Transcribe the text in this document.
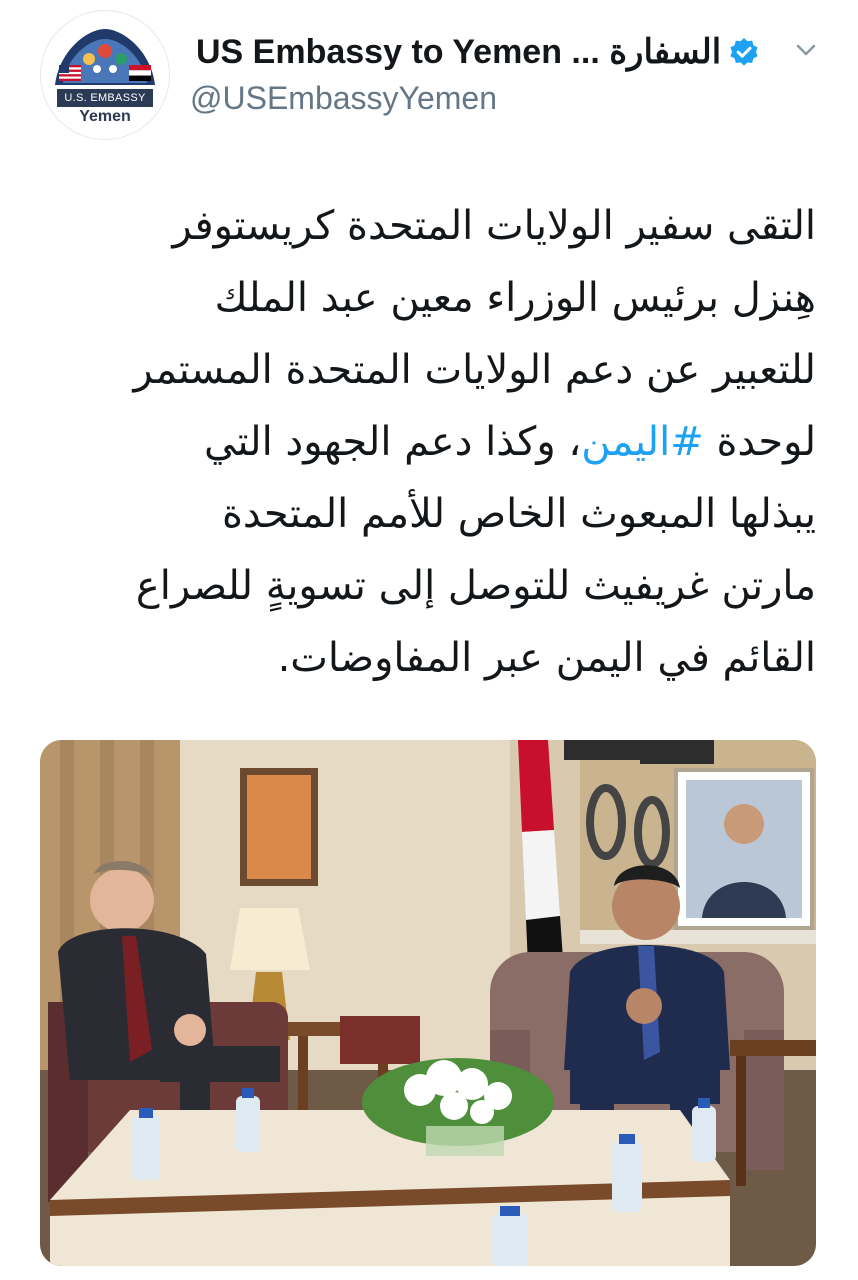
U.S. EMBASSY
Yemen
US Embassy to Yemen ... السفارة
@USEmbassyYemen
التقى سفير الولايات المتحدة كريستوفر
هِنزل برئيس الوزراء معين عبد الملك
للتعبير عن دعم الولايات المتحدة المستمر
لوحدة #اليمن، وكذا دعم الجهود التي
يبذلها المبعوث الخاص للأمم المتحدة
مارتن غريفيث للتوصل إلى تسويةٍ للصراع
القائم في اليمن عبر المفاوضات.
